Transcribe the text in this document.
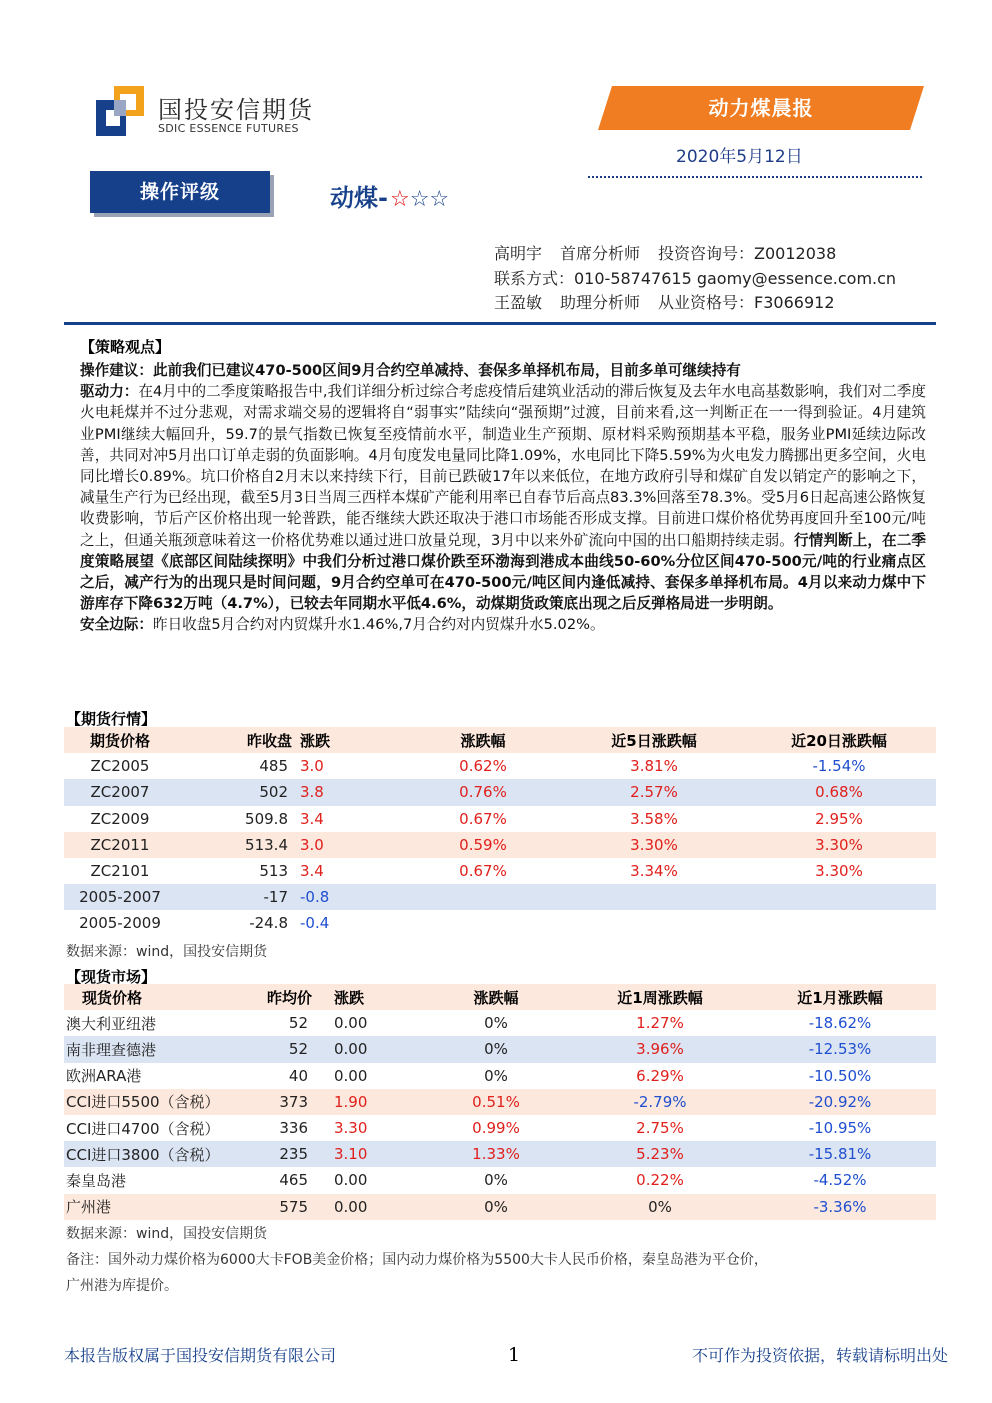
国投安信期货
SDIC ESSENCE FUTURES
动力煤晨报
2020年5月12日
操作评级	动煤-☆☆☆
高明宇 首席分析师 投资咨询号：Z0012038
联系方式：010-58747615 gaomy@essence.com.cn
王盈敏 助理分析师 从业资格号：F3066912
【策略观点】

操作建议：此前我们已建议470-500区间9月合约空单减持、套保多单择机布局，目前多单可继续持有

驱动力：在4月中的二季度策略报告中,我们详细分析过综合考虑疫情后建筑业活动的滞后恢复及去年水电高基数影响，我们对二季度火电耗煤并不过分悲观，对需求端交易的逻辑将自“弱事实”陆续向“强预期”过渡，目前来看,这一判断正在一一得到验证。4月建筑业PMI继续大幅回升，59.7的景气指数已恢复至疫情前水平，制造业生产预期、原材料采购预期基本平稳，服务业PMI延续边际改善，共同对冲5月出口订单走弱的负面影响。4月旬度发电量同比降1.09%，水电同比下降5.59%为火电发力腾挪出更多空间，火电同比增长0.89%。坑口价格自2月末以来持续下行，目前已跌破17年以来低位，在地方政府引导和煤矿自发以销定产的影响之下，减量生产行为已经出现，截至5月3日当周三西样本煤矿产能利用率已自春节后高点83.3%回落至78.3%。受5月6日起高速公路恢复收费影响，节后产区价格出现一轮普跌，能否继续大跌还取决于港口市场能否形成支撑。目前进口煤价格优势再度回升至100元/吨之上，但通关瓶颈意味着这一价格优势难以通过进口放量兑现，3月中以来外矿流向中国的出口船期持续走弱。行情判断上，在二季度策略展望《底部区间陆续探明》中我们分析过港口煤价跌至环渤海到港成本曲线50-60%分位区间470-500元/吨的行业痛点区之后，减产行为的出现只是时间问题，9月合约空单可在470-500元/吨区间内逢低减持、套保多单择机布局。4月以来动力煤中下游库存下降632万吨（4.7%），已较去年同期水平低4.6%，动煤期货政策底出现之后反弹格局进一步明朗。

安全边际：昨日收盘5月合约对内贸煤升水1.46%,7月合约对内贸煤升水5.02%。

【期货行情】
期货价格	昨收盘	涨跌	涨跌幅	近5日涨跌幅	近20日涨跌幅
ZC2005	485	3.0	0.62%	3.81%	-1.54%
ZC2007	502	3.8	0.76%	2.57%	0.68%
ZC2009	509.8	3.4	0.67%	3.58%	2.95%
ZC2011	513.4	3.0	0.59%	3.30%	3.30%
ZC2101	513	3.4	0.67%	3.34%	3.30%
2005-2007	-17	-0.8			
2005-2009	-24.8	-0.4			
数据来源：wind，国投安信期货
【现货市场】
现货价格	昨均价	涨跌	涨跌幅	近1周涨跌幅	近1月涨跌幅
澳大利亚纽港	52	0.00	0%	1.27%	-18.62%
南非理查德港	52	0.00	0%	3.96%	-12.53%
欧洲ARA港	40	0.00	0%	6.29%	-10.50%
CCI进口5500（含税）	373	1.90	0.51%	-2.79%	-20.92%
CCI进口4700（含税）	336	3.30	0.99%	2.75%	-10.95%
CCI进口3800（含税）	235	3.10	1.33%	5.23%	-15.81%
秦皇岛港	465	0.00	0%	0.22%	-4.52%
广州港	575	0.00	0%	0%	-3.36%
数据来源：wind，国投安信期货
备注：国外动力煤价格为6000大卡FOB美金价格；国内动力煤价格为5500大卡人民币价格，秦皇岛港为平仓价，
广州港为库提价。
本报告版权属于国投安信期货有限公司	1	不可作为投资依据，转载请标明出处
